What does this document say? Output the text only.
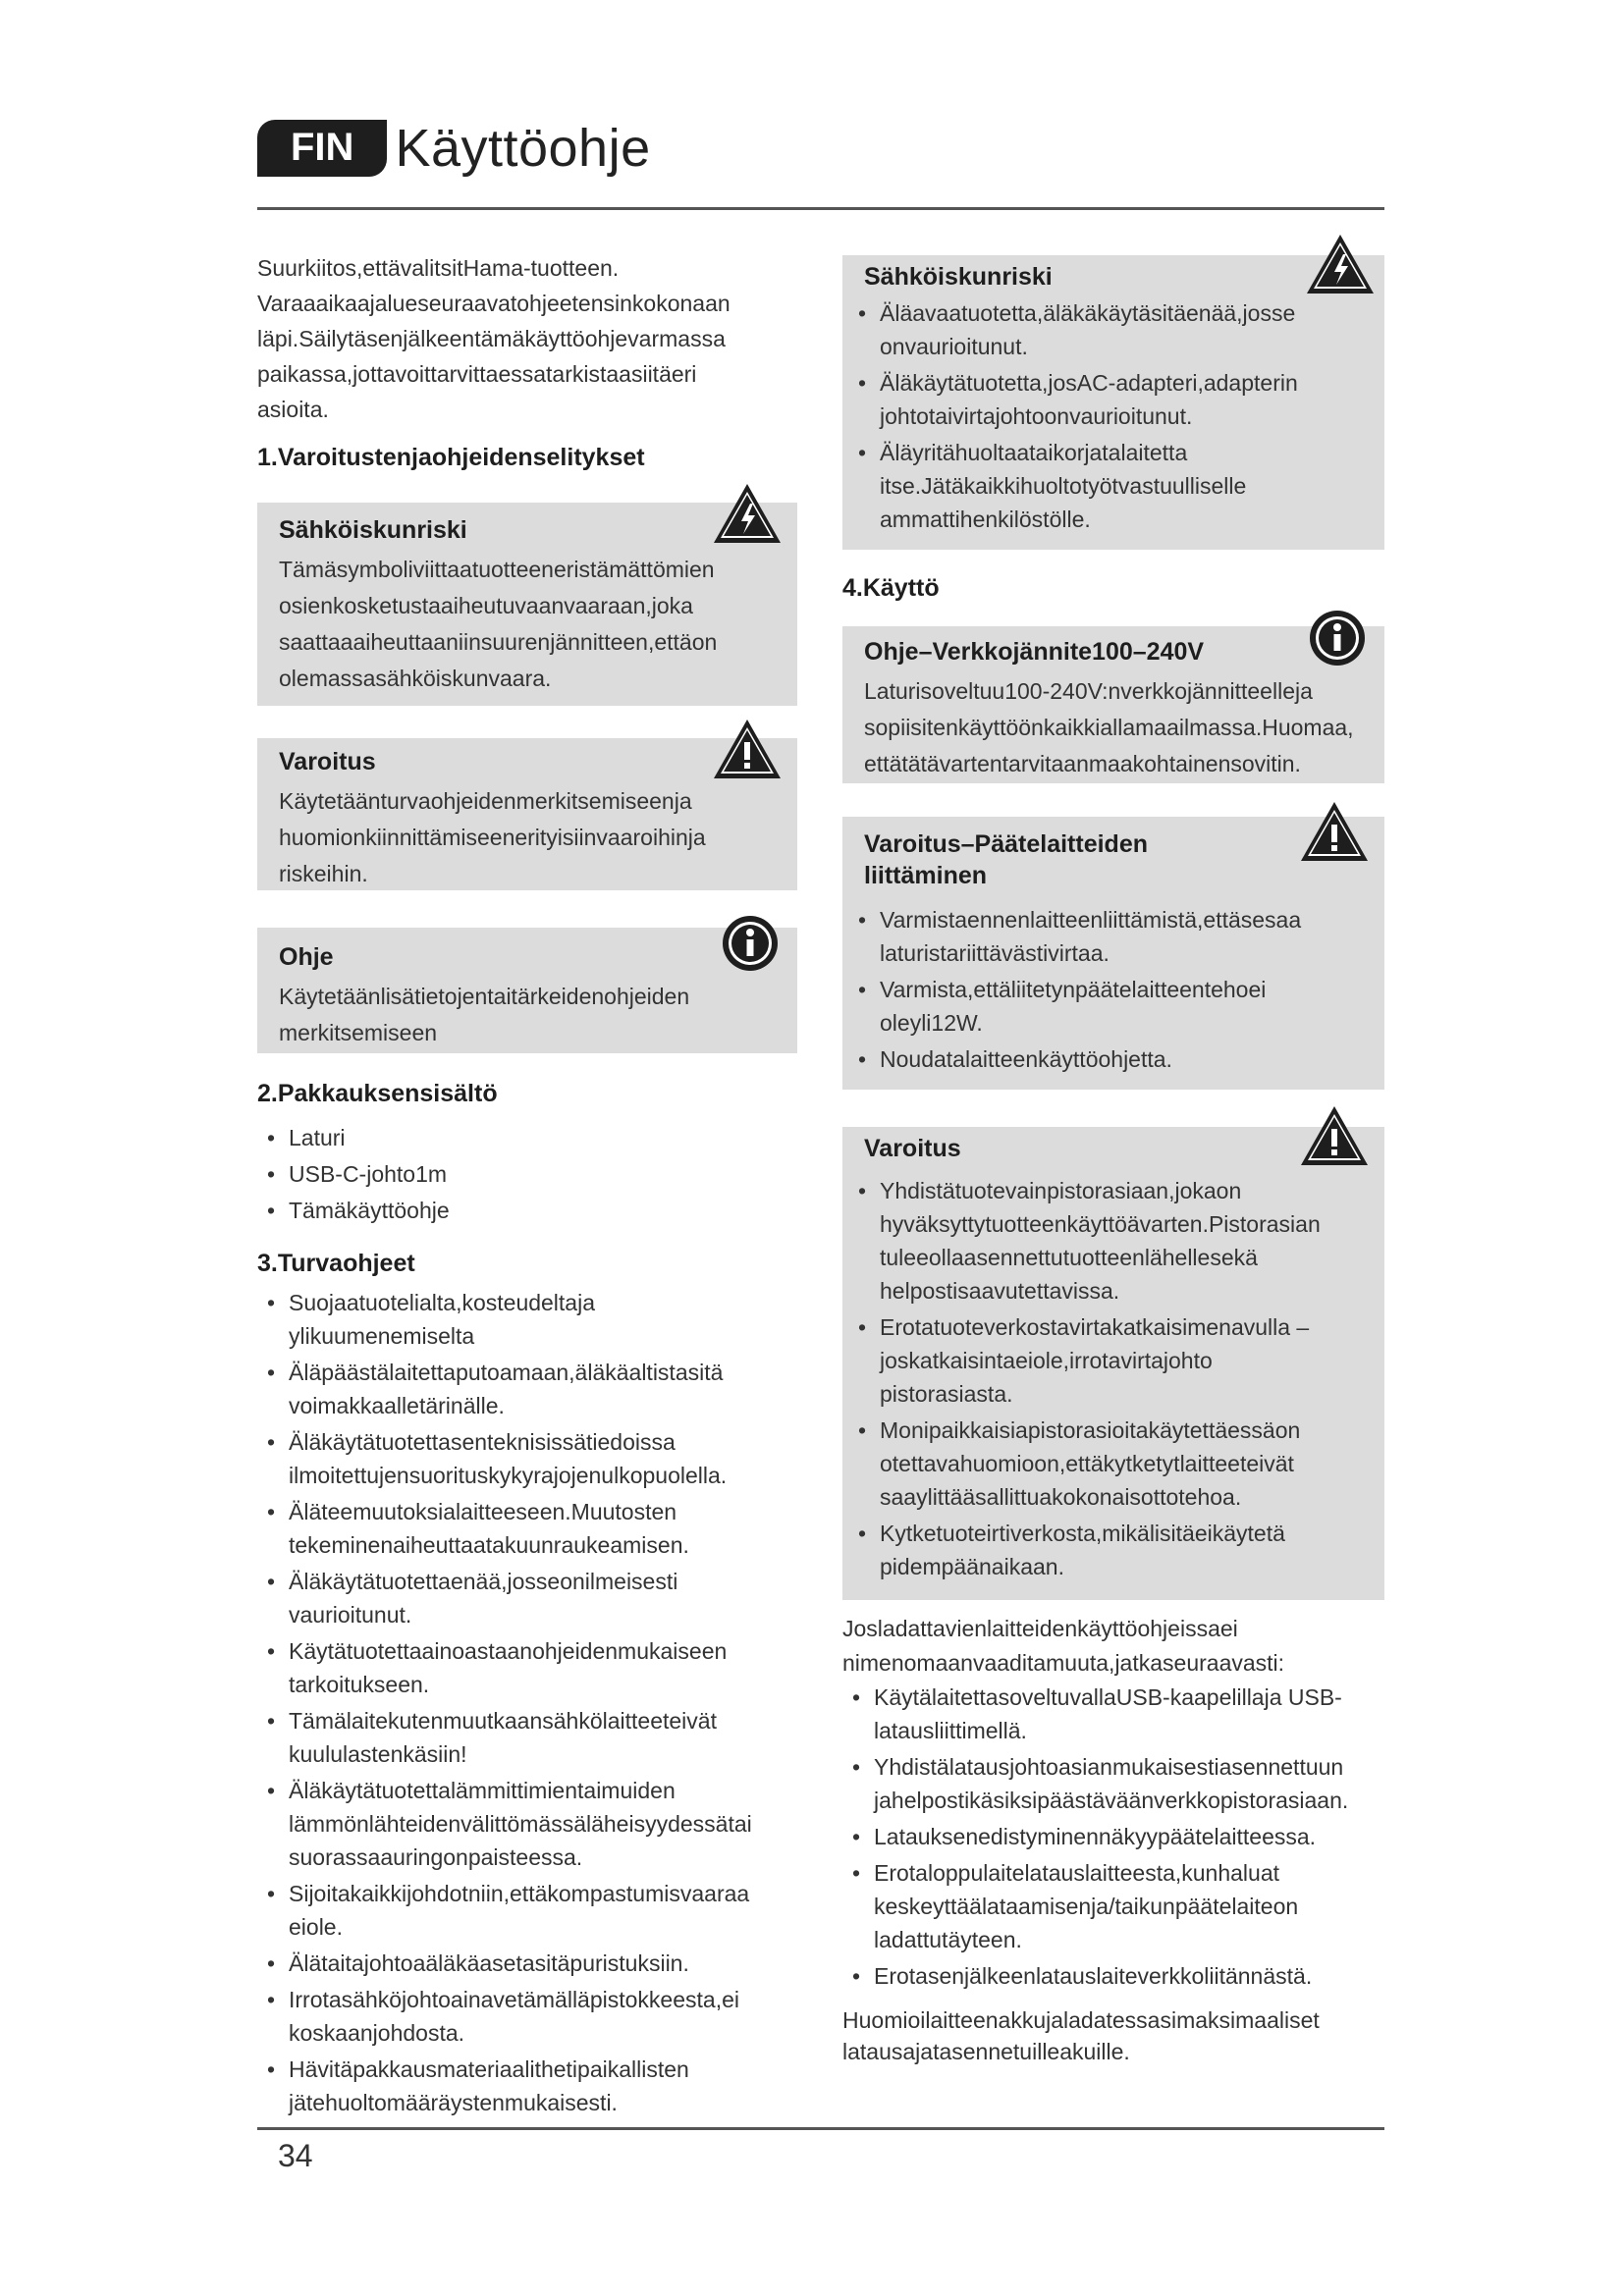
FIN Käyttöohje

Suurkiitos,ettävalitsitHama-tuotteen. Varaaaikaajalueseuraavatohjeetensinkokonaan läpi.Säilytäsenjälkeentämäkäyttöohjevarmassa paikassa,jottavoittarvittaessatarkistaasiitäeri asioita.

1.Varoitustenjaohjeidenselitykset
Sähköiskunriski

Tämäsymboliviittaatuotteeneristämättömien osienkosketustaaiheutuvaanvaaraan,joka saattaaaiheuttaaniinsuurenjännitteen,ettäon olemassasähköiskunvaara.

Varoitus

Käytetäänturvaohjeidenmerkitsemiseenja huomionkiinnittämiseenerityisiinvaaroihinja riskeihin.

Ohje

Käytetäänlisätietojentaitärkeidenohjeiden merkitsemiseen

2.Pakkauksensisältö
• Laturi
• USB-C-johto1m
• Tämäkäyttöohje
3.Turvaohjeet
• Suojaatuotelialta,kosteudeltaja ylikuumenemiselta
• Äläpäästälaitettaputoamaan,äläkäaltistasitä voimakkaalletärinälle.
• Äläkäytätuotettasenteknisissätiedoissa ilmoitettujensuorituskykyrajojenulkopuolella.
• Äläteemuutoksialaitteeseen.Muutosten tekeminenaiheuttaatakuunraukeamisen.
• Äläkäytätuotettaenää,josseonilmeisesti vaurioitunut.
• Käytätuotettaainoastaanohjeidenmukaiseen tarkoitukseen.
• Tämälaitekutenmuutkaansähkölaitteeteivät kuululastenkäsiin!
• Äläkäytätuotettalämmittimientaimuiden lämmönlähteidenvälittömässäläheisyydessätai suorassaauringonpaisteessa.
• Sijoitakaikkijohdotniin,ettäkompastumisvaaraa eiole.
• Älätaitajohtoaäläkäasetasitäpuristuksiin.
• Irrotasähköjohtoainavetämälläpistokkeesta,ei koskaanjohdosta.
• Hävitäpakkausmateriaalithetipaikallisten jätehuoltomääräystenmukaisesti.
Sähköiskunriski
• Äläavaatuotetta,äläkäkäytäsitäenää,josse onvaurioitunut.
• Äläkäytätuotetta,josAC-adapteri,adapterin johtotaivirtajohtoonvaurioitunut.
• Äläyritähuoltaataikorjatalaitetta itse.Jätäkaikkihuoltotyötvastuulliselle ammattihenkilöstölle.
4.Käyttö
Ohje–Verkkojännite100–240V

Laturisoveltuu100-240V:nverkkojännitteelleja sopiisitenkäyttöönkaikkiallamaailmassa.Huomaa, ettätätävartentarvitaanmaakohtainensovitin.

Varoitus–Päätelaitteiden
liittäminen
• Varmistaennenlaitteenliittämistä,ettäsesaa laturistariittävästivirtaa.
• Varmista,ettäliitetynpäätelaitteentehoei oleyli12W.
• Noudatalaitteenkäyttöohjetta.
Varoitus
• Yhdistätuotevainpistorasiaan,jokaon hyväksyttytuotteenkäyttöävarten.Pistorasian tuleeollaasennettutuotteenlähellesekä helpostisaavutettavissa.
• Erotatuoteverkostavirtakatkaisimenavulla –joskatkaisintaeiole,irrotavirtajohto pistorasiasta.
• Monipaikkaisiapistorasioitakäytettäessäon otettavahuomioon,ettäkytketytlaitteeteivät saaylittääsallittuakokonaisottotehoa.
• Kytketuoteirtiverkosta,mikälisitäeikäytetä pidempäänaikaan.

Josladattavienlaitteidenkäyttöohjeissaei nimenomaanvaaditamuuta,jatkaseuraavasti:

• KäytälaitettasoveltuvallaUSB-kaapelillaja USB-latausliittimellä.
• Yhdistälatausjohtoasianmukaisestiasennettuun jahelpostikäsiksipäästäväänverkkopistorasiaan.
• Latauksenedistyminennäkyypäätelaitteessa.
• Erotaloppulaitelatauslaitteesta,kunhaluat keskeyttäälataamisenja/taikunpäätelaiteon ladattutäyteen.
• Erotasenjälkeenlatauslaiteverkkoliitännästä.

Huomioilaitteenakkujaladatessasimaksimaaliset latausajatasennetuilleakuille.

34
